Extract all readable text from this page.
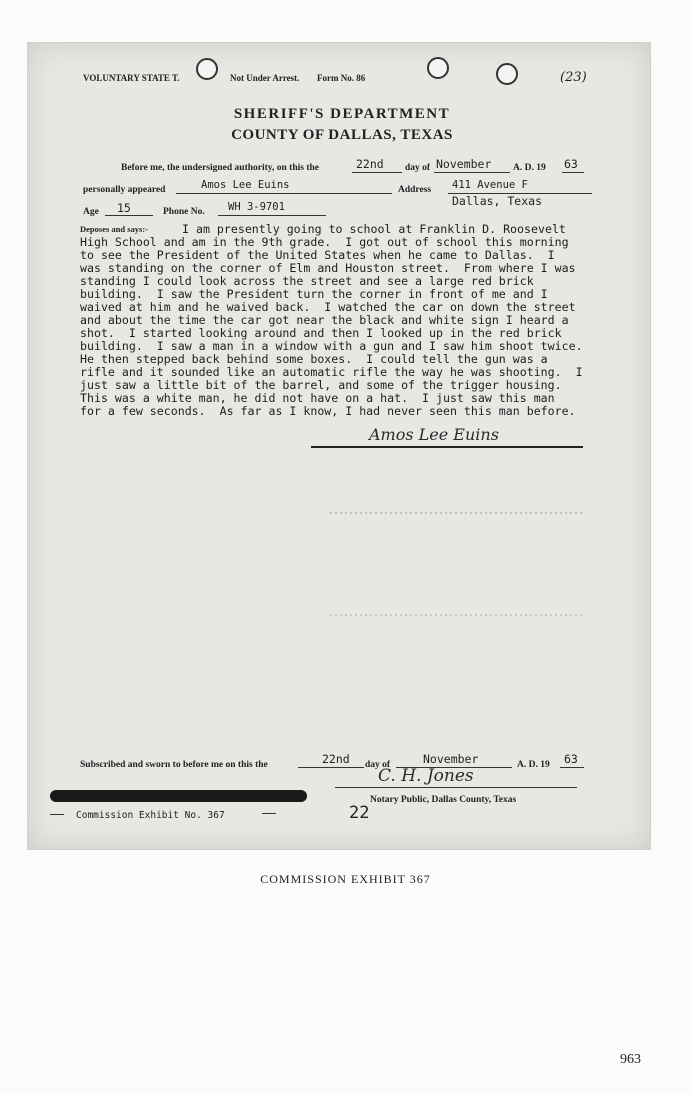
VOLUNTARY STATE T.	Not Under Arrest. Form No. 86	(23)
SHERIFF'S DEPARTMENT
COUNTY OF DALLAS, TEXAS
Before me, the undersigned authority, on this the	22nd day of November A. D. 19 63
personally appeared	Amos Lee Euins	Address 411 Avenue F
Dallas, Texas
Age 15	Phone No. WH 3-9701
Deposes and says:-	I am presently going to school at Franklin D. Roosevelt
High School and am in the 9th grade.  I got out of school this morning
to see the President of the United States when he came to Dallas.  I
was standing on the corner of Elm and Houston street.  From where I was
standing I could look across the street and see a large red brick
building.  I saw the President turn the corner in front of me and I
waived at him and he waived back.  I watched the car on down the street
and about the time the car got near the black and white sign I heard a
shot.  I started looking around and then I looked up in the red brick
building.  I saw a man in a window with a gun and I saw him shoot twice.
He then stepped back behind some boxes.  I could tell the gun was a
rifle and it sounded like an automatic rifle the way he was shooting.  I
just saw a little bit of the barrel, and some of the trigger housing.
This was a white man, he did not have on a hat.  I just saw this man
for a few seconds.  As far as I know, I had never seen this man before.
Amos Lee Euins
Subscribed and sworn to before me on this the	22nd day of	November	A. D. 19 63
C. H. Jones
Notary Public, Dallas County, Texas
Commission Exhibit No. 367	22
COMMISSION EXHIBIT 367
963
